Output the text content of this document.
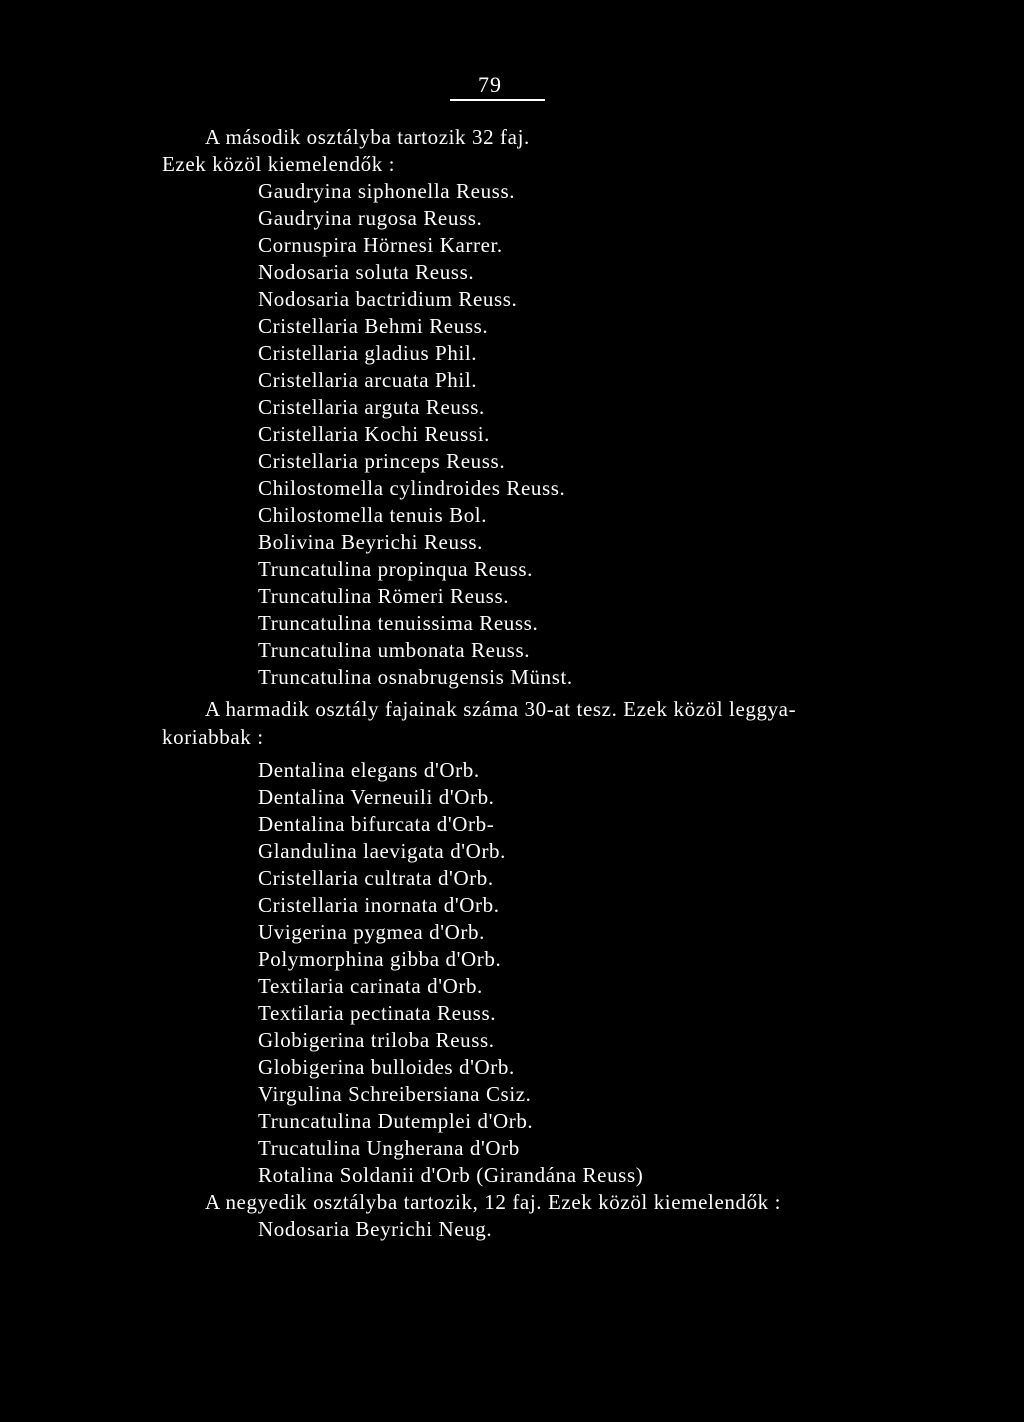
79
A második osztályba tartozik 32 faj.
Ezek közöl kiemelendők :
Gaudryina siphonella Reuss.
Gaudryina rugosa Reuss.
Cornuspira Hörnesi Karrer.
Nodosaria soluta Reuss.
Nodosaria bactridium Reuss.
Cristellaria Behmi Reuss.
Cristellaria gladius Phil.
Cristellaria arcuata Phil.
Cristellaria arguta Reuss.
Cristellaria Kochi Reussi.
Cristellaria princeps Reuss.
Chilostomella cylindroides Reuss.
Chilostomella tenuis Bol.
Bolivina Beyrichi Reuss.
Truncatulina propinqua Reuss.
Truncatulina Römeri Reuss.
Truncatulina tenuissima Reuss.
Truncatulina umbonata Reuss.
Truncatulina osnabrugensis Münst.
A harmadik osztály fajainak száma 30-at tesz. Ezek közöl leggya-
koriabbak :
Dentalina elegans d'Orb.
Dentalina Verneuili d'Orb.
Dentalina bifurcata d'Orb-
Glandulina laevigata d'Orb.
Cristellaria cultrata d'Orb.
Cristellaria inornata d'Orb.
Uvigerina pygmea d'Orb.
Polymorphina gibba d'Orb.
Textilaria carinata d'Orb.
Textilaria pectinata Reuss.
Globigerina triloba Reuss.
Globigerina bulloides d'Orb.
Virgulina Schreibersiana Csiz.
Truncatulina Dutemplei d'Orb.
Trucatulina Ungherana d'Orb
Rotalina Soldanii d'Orb (Girandána Reuss)
A negyedik osztályba tartozik, 12 faj. Ezek közöl kiemelendők :
Nodosaria Beyrichi Neug.
